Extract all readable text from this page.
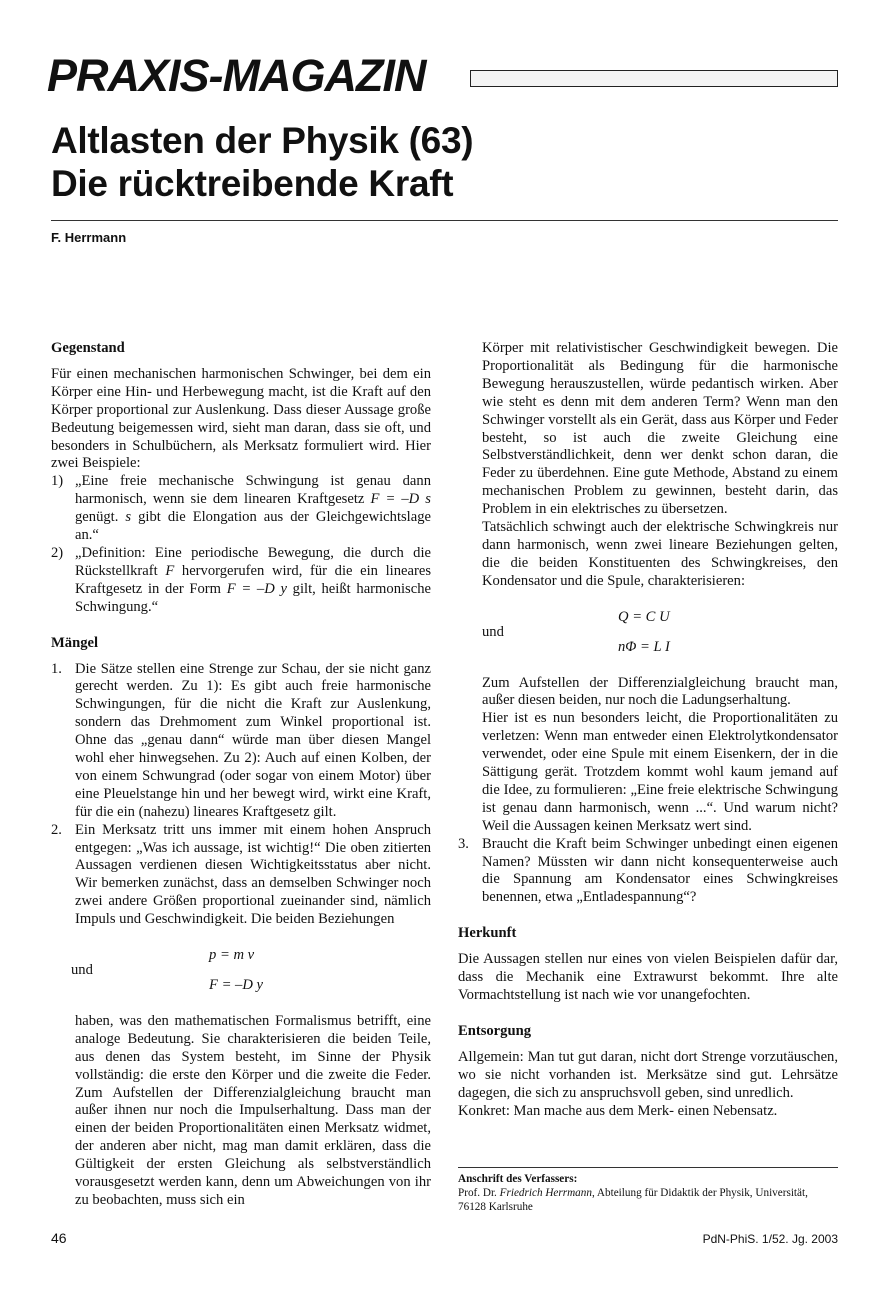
PRAXIS-MAGAZIN
Altlasten der Physik (63)
Die rücktreibende Kraft
F. Herrmann
Gegenstand

Für einen mechanischen harmonischen Schwinger, bei dem ein Körper eine Hin- und Herbewegung macht, ist die Kraft auf den Körper proportional zur Auslenkung. Dass dieser Aussage große Bedeutung beigemessen wird, sieht man daran, dass sie oft, und besonders in Schulbüchern, als Merksatz formuliert wird. Hier zwei Beispiele:

1) „Eine freie mechanische Schwingung ist genau dann harmonisch, wenn sie dem linearen Kraftgesetz F = –D s genügt. s gibt die Elongation aus der Gleichgewichtslage an.“
2) „Definition: Eine periodische Bewegung, die durch die Rückstellkraft F hervorgerufen wird, für die ein lineares Kraftgesetz in der Form F = –D y gilt, heißt harmonische Schwingung.“
Mängel
1. Die Sätze stellen eine Strenge zur Schau, der sie nicht ganz gerecht werden. Zu 1): Es gibt auch freie harmonische Schwingungen, für die nicht die Kraft zur Auslenkung, sondern das Drehmoment zum Winkel proportional ist. Ohne das „genau dann“ würde man über diesen Mangel wohl eher hinwegsehen. Zu 2): Auch auf einen Kolben, der von einem Schwungrad (oder sogar von einem Motor) über eine Pleuelstange hin und her bewegt wird, wirkt eine Kraft, für die ein (nahezu) lineares Kraftgesetz gilt.
2. Ein Merksatz tritt uns immer mit einem hohen Anspruch entgegen: „Was ich aussage, ist wichtig!“ Die oben zitierten Aussagen verdienen diesen Wichtigkeitsstatus aber nicht. Wir bemerken zunächst, dass an demselben Schwinger noch zwei andere Größen proportional zueinander sind, nämlich Impuls und Geschwindigkeit. Die beiden Beziehungen
und
p = m v
F = –D y

haben, was den mathematischen Formalismus betrifft, eine analoge Bedeutung. Sie charakterisieren die beiden Teile, aus denen das System besteht, im Sinne der Physik vollständig: die erste den Körper und die zweite die Feder. Zum Aufstellen der Differenzialgleichung braucht man außer ihnen nur noch die Impulserhaltung. Dass man der einen der beiden Proportionalitäten einen Merksatz widmet, der anderen aber nicht, mag man damit erklären, dass die Gültigkeit der ersten Gleichung als selbstverständlich vorausgesetzt werden kann, denn um Abweichungen von ihr zu beobachten, muss sich ein

Körper mit relativistischer Geschwindigkeit bewegen. Die Proportionalität als Bedingung für die harmonische Bewegung herauszustellen, würde pedantisch wirken. Aber wie steht es denn mit dem anderen Term? Wenn man den Schwinger vorstellt als ein Gerät, dass aus Körper und Feder besteht, so ist auch die zweite Gleichung eine Selbstverständlichkeit, denn wer denkt schon daran, die Feder zu überdehnen. Eine gute Methode, Abstand zu einem mechanischen Problem zu gewinnen, besteht darin, das Problem in ein elektrisches zu übersetzen.

Tatsächlich schwingt auch der elektrische Schwingkreis nur dann harmonisch, wenn zwei lineare Beziehungen gelten, die die beiden Konstituenten des Schwingkreises, den Kondensator und die Spule, charakterisieren:

und
Q = C U
nΦ = L I

Zum Aufstellen der Differenzialgleichung braucht man, außer diesen beiden, nur noch die Ladungserhaltung.

Hier ist es nun besonders leicht, die Proportionalitäten zu verletzen: Wenn man entweder einen Elektrolytkondensator verwendet, oder eine Spule mit einem Eisenkern, der in die Sättigung gerät. Trotzdem kommt wohl kaum jemand auf die Idee, zu formulieren: „Eine freie elektrische Schwingung ist genau dann harmonisch, wenn ...“. Und warum nicht? Weil die Aussagen keinen Merksatz wert sind.

3. Braucht die Kraft beim Schwinger unbedingt einen eigenen Namen? Müssten wir dann nicht konsequenterweise auch die Spannung am Kondensator eines Schwingkreises benennen, etwa „Entladespannung“?
Herkunft

Die Aussagen stellen nur eines von vielen Beispielen dafür dar, dass die Mechanik eine Extrawurst bekommt. Ihre alte Vormachtstellung ist nach wie vor unangefochten.

Entsorgung

Allgemein: Man tut gut daran, nicht dort Strenge vorzutäuschen, wo sie nicht vorhanden ist. Merksätze sind gut. Lehrsätze dagegen, die sich zu anspruchsvoll geben, sind unredlich.

Konkret: Man mache aus dem Merk- einen Nebensatz.

Anschrift des Verfassers:
Prof. Dr. Friedrich Herrmann, Abteilung für Didaktik der Physik, Universität, 76128 Karlsruhe
46	PdN-PhiS. 1/52. Jg. 2003
